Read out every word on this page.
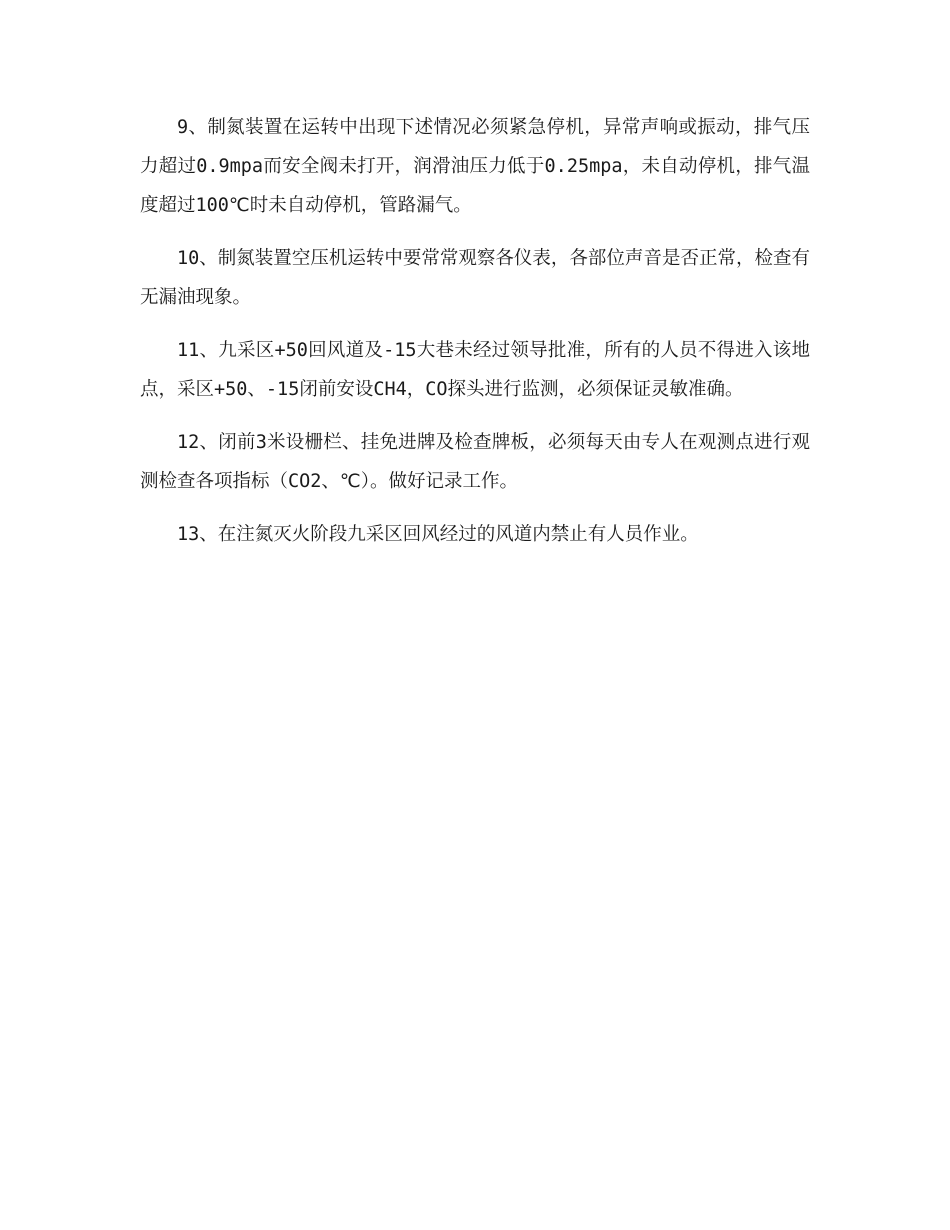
9、制氮装置在运转中出现下述情况必须紧急停机，异常声响或振动，排气压力超过0.9mpa而安全阀未打开，润滑油压力低于0.25mpa，未自动停机，排气温度超过100℃时未自动停机，管路漏气。

10、制氮装置空压机运转中要常常观察各仪表，各部位声音是否正常，检查有无漏油现象。

11、九采区+50回风道及-15大巷未经过领导批准，所有的人员不得进入该地点，采区+50、-15闭前安设CH4，CO探头进行监测，必须保证灵敏准确。

12、闭前3米设栅栏、挂免进牌及检查牌板，必须每天由专人在观测点进行观测检查各项指标（CO2、℃）。做好记录工作。

13、在注氮灭火阶段九采区回风经过的风道内禁止有人员作业。
